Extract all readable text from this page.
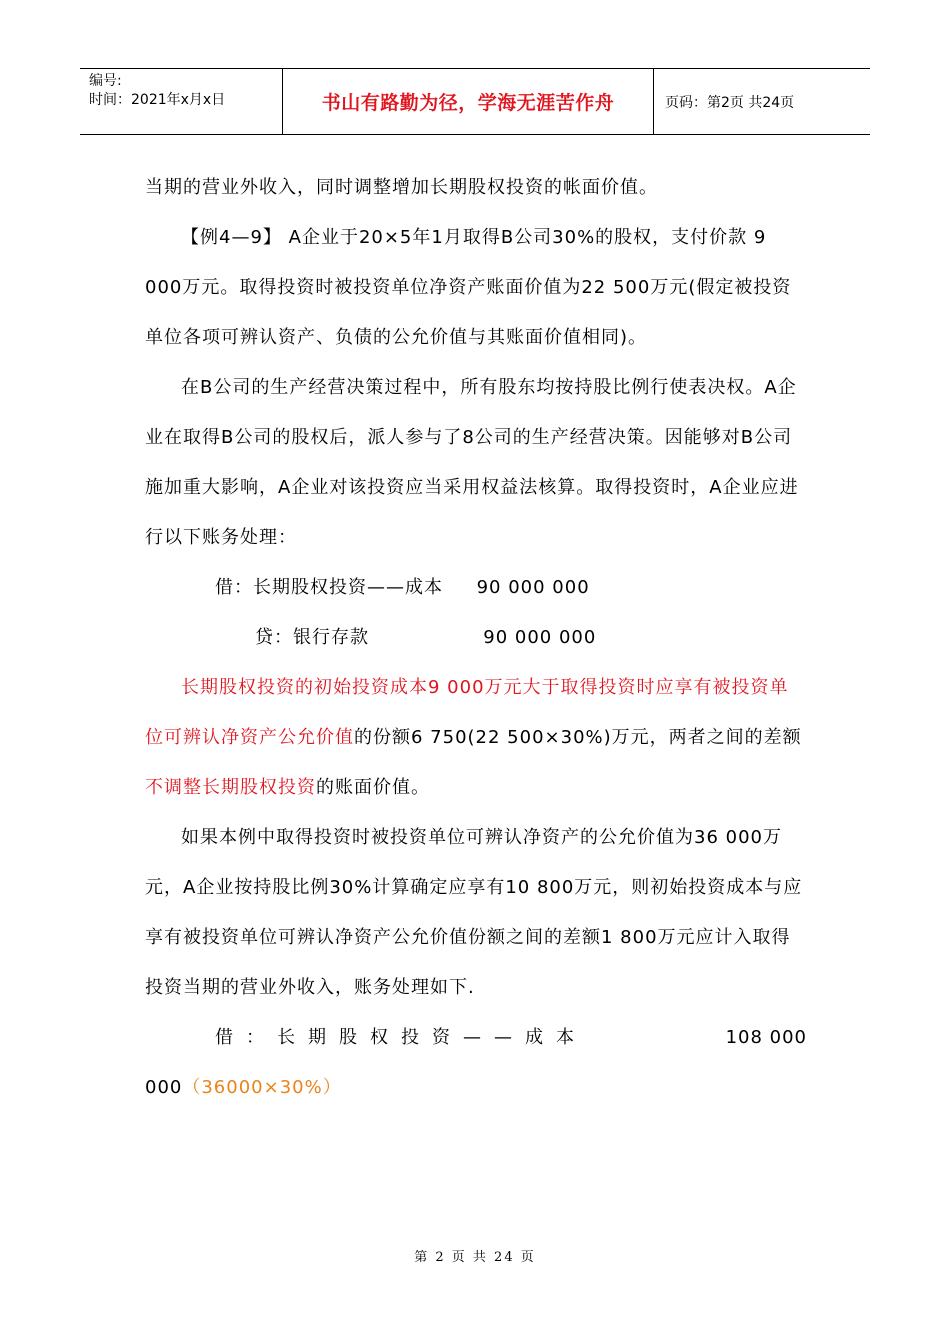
编号:
时间：2021年x月x日	书山有路勤为径，学海无涯苦作舟	页码：第2页 共24页

当期的营业外收入，同时调整增加长期股权投资的帐面价值。

【例4—9】 A企业于20×5年1月取得B公司30%的股权，支付价款 9 000万元。取得投资时被投资单位净资产账面价值为22 500万元(假定被投资单位各项可辨认资产、负债的公允价值与其账面价值相同)。

在B公司的生产经营决策过程中，所有股东均按持股比例行使表决权。A企业在取得B公司的股权后，派人参与了8公司的生产经营决策。因能够对B公司施加重大影响，A企业对该投资应当采用权益法核算。取得投资时，A企业应进行以下账务处理：

借：长期股权投资——成本     90 000 000

贷：银行存款                 90 000 000

长期股权投资的初始投资成本9 000万元大于取得投资时应享有被投资单位可辨认净资产公允价值的份额6 750(22 500×30%)万元，两者之间的差额不调整长期股权投资的账面价值。

如果本例中取得投资时被投资单位可辨认净资产的公允价值为36 000万元，A企业按持股比例30%计算确定应享有10 800万元，则初始投资成本与应享有被投资单位可辨认净资产公允价值份额之间的差额1 800万元应计入取得投资当期的营业外收入，账务处理如下.

借：长期股权投资——成本	108 000

000（36000×30%）

第 2 页 共 24 页
